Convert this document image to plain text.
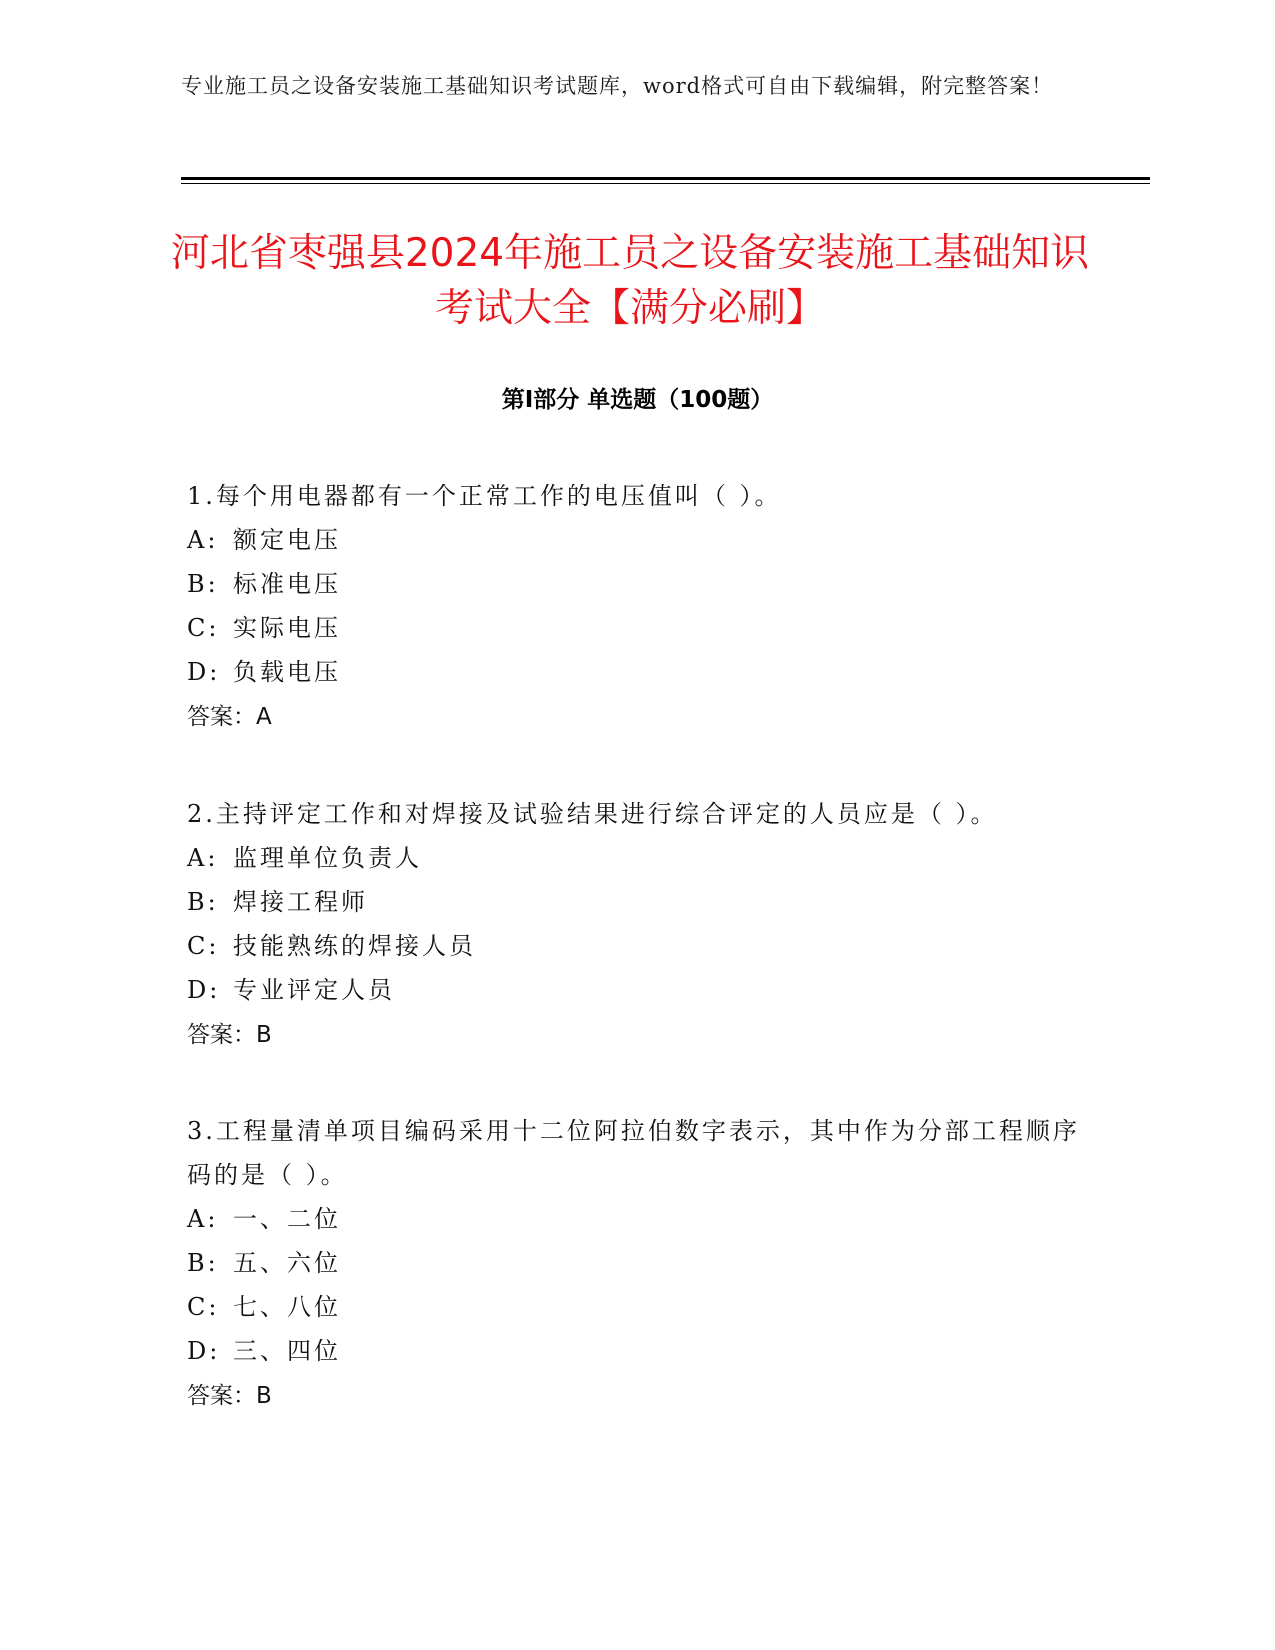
专业施工员之设备安装施工基础知识考试题库，word格式可自由下载编辑，附完整答案！
河北省枣强县2024年施工员之设备安装施工基础知识考试大全【满分必刷】
第I部分 单选题（100题）

1.每个用电器都有一个正常工作的电压值叫（ ）。

A: 额定电压

B: 标准电压

C: 实际电压

D: 负载电压

答案：A

2.主持评定工作和对焊接及试验结果进行综合评定的人员应是（ ）。

A: 监理单位负责人

B: 焊接工程师

C: 技能熟练的焊接人员

D: 专业评定人员

答案：B

3.工程量清单项目编码采用十二位阿拉伯数字表示，其中作为分部工程顺序码的是（ ）。

A: 一、二位

B: 五、六位

C: 七、八位

D: 三、四位

答案：B
